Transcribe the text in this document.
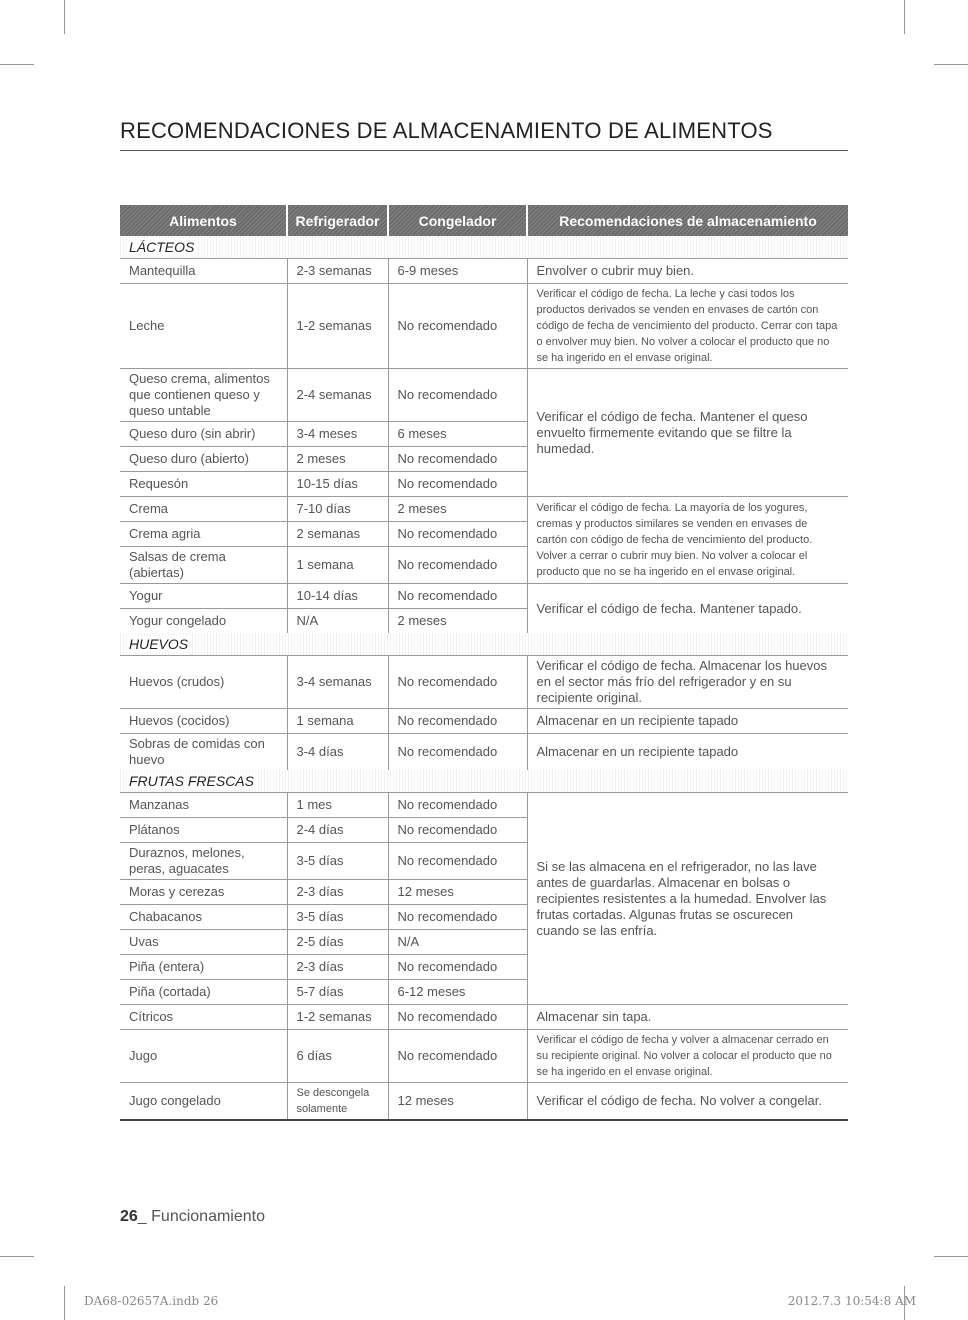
RECOMENDACIONES DE ALMACENAMIENTO DE ALIMENTOS
Alimentos	Refrigerador	Congelador	Recomendaciones de almacenamiento
LÁCTEOS			
Mantequilla	2-3 semanas	6-9 meses	Envolver o cubrir muy bien.
Leche	1-2 semanas	No recomendado	Verificar el código de fecha. La leche y casi todos los productos derivados se venden en envases de cartón con código de fecha de vencimiento del producto. Cerrar con tapa o envolver muy bien. No volver a colocar el producto que no se ha ingerido en el envase original.
Queso crema, alimentos que contienen queso y queso untable	2-4 semanas	No recomendado	Verificar el código de fecha. Mantener el queso envuelto firmemente evitando que se filtre la humedad.
Queso duro (sin abrir)	3-4 meses	6 meses	
Queso duro (abierto)	2 meses	No recomendado	
Requesón	10-15 días	No recomendado	
Crema	7-10 días	2 meses	Verificar el código de fecha. La mayoría de los yogures, cremas y productos similares se venden en envases de cartón con código de fecha de vencimiento del producto. Volver a cerrar o cubrir muy bien. No volver a colocar el producto que no se ha ingerido en el envase original.
Crema agria	2 semanas	No recomendado	
Salsas de crema (abiertas)	1 semana	No recomendado	
Yogur	10-14 días	No recomendado	Verificar el código de fecha. Mantener tapado.
Yogur congelado	N/A	2 meses	
HUEVOS			
Huevos (crudos)	3-4 semanas	No recomendado	Verificar el código de fecha. Almacenar los huevos en el sector más frío del refrigerador y en su recipiente original.
Huevos (cocidos)	1 semana	No recomendado	Almacenar en un recipiente tapado
Sobras de comidas con huevo	3-4 días	No recomendado	Almacenar en un recipiente tapado
FRUTAS FRESCAS			
Manzanas	1 mes	No recomendado	Si se las almacena en el refrigerador, no las lave antes de guardarlas. Almacenar en bolsas o recipientes resistentes a la humedad. Envolver las frutas cortadas. Algunas frutas se oscurecen cuando se las enfría.
Plátanos	2-4 días	No recomendado	
Duraznos, melones, peras, aguacates	3-5 días	No recomendado	
Moras y cerezas	2-3 días	12 meses	
Chabacanos	3-5 días	No recomendado	
Uvas	2-5 días	N/A	
Piña (entera)	2-3 días	No recomendado	
Piña (cortada)	5-7 días	6-12 meses	
Cítricos	1-2 semanas	No recomendado	Almacenar sin tapa.
Jugo	6 días	No recomendado	Verificar el código de fecha y volver a almacenar cerrado en su recipiente original. No volver a colocar el producto que no se ha ingerido en el envase original.
Jugo congelado	Se descongela solamente	12 meses	Verificar el código de fecha. No volver a congelar.
26_ Funcionamiento
DA68-02657A.indb 26	2012.7.3 10:54:8 AM
